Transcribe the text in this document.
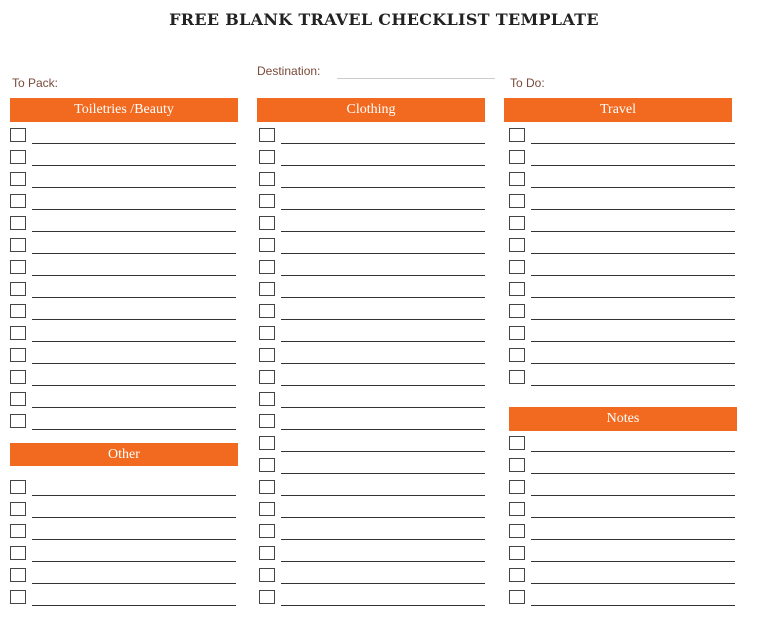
FREE BLANK TRAVEL CHECKLIST TEMPLATE
To Pack:
Destination:
To Do:
Toiletries /Beauty
Other
Clothing	Travel
Notes
